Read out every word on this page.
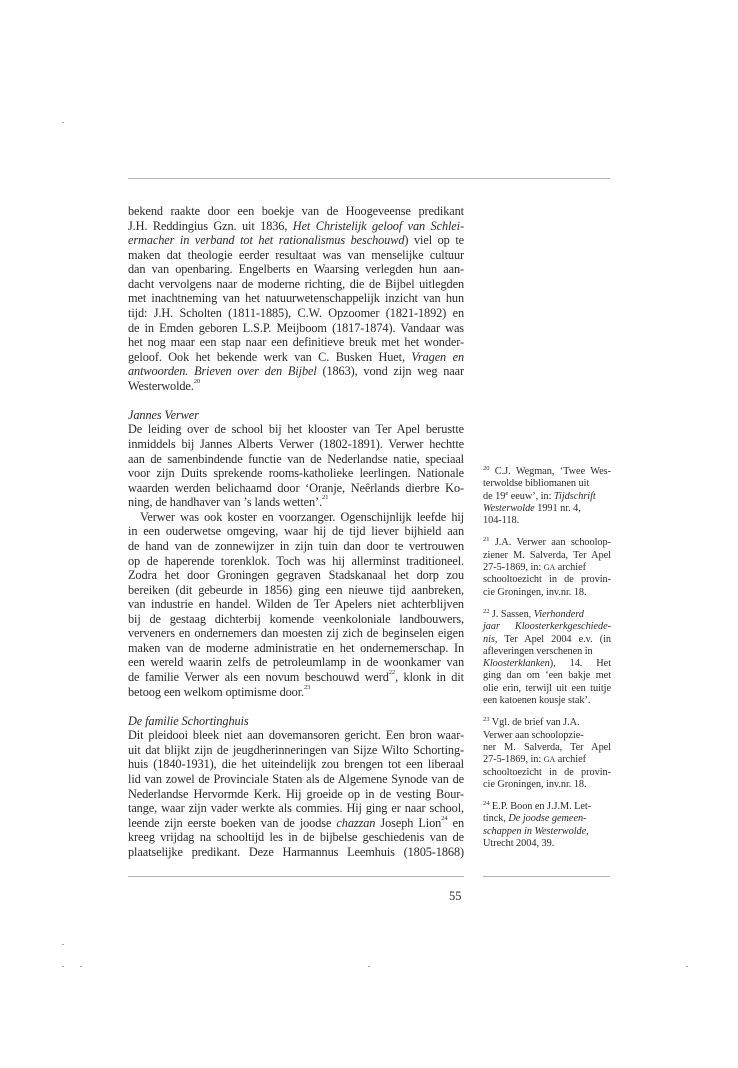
bekend raakte door een boekje van de Hoogeveense predikant
J.H. Reddingius Gzn. uit 1836, Het Christelijk geloof van Schlei-
ermacher in verband tot het rationalismus beschouwd) viel op te
maken dat theologie eerder resultaat was van menselijke cultuur
dan van openbaring. Engelberts en Waarsing verlegden hun aan-
dacht vervolgens naar de moderne richting, die de Bijbel uitlegden
met inachtneming van het natuurwetenschappelijk inzicht van hun
tijd: J.H. Scholten (1811-1885), C.W. Opzoomer (1821-1892) en
de in Emden geboren L.S.P. Meijboom (1817-1874). Vandaar was
het nog maar een stap naar een definitieve breuk met het wonder-
geloof. Ook het bekende werk van C. Busken Huet, Vragen en
antwoorden. Brieven over den Bijbel (1863), vond zijn weg naar
Westerwolde.$^{20}$
Jannes Verwer
De leiding over de school bij het klooster van Ter Apel berustte
inmiddels bij Jannes Alberts Verwer (1802-1891). Verwer hechtte
aan de samenbindende functie van de Nederlandse natie, speciaal
voor zijn Duits sprekende rooms-katholieke leerlingen. Nationale
waarden werden belichaamd door ‘Oranje, Neêrlands dierbre Ko-
ning, de handhaver van ’s lands wetten’.$^{21}$
Verwer was ook koster en voorzanger. Ogenschijnlijk leefde hij
in een ouderwetse omgeving, waar hij de tijd liever bijhield aan
de hand van de zonnewijzer in zijn tuin dan door te vertrouwen
op de haperende torenklok. Toch was hij allerminst traditioneel.
Zodra het door Groningen gegraven Stadskanaal het dorp zou
bereiken (dit gebeurde in 1856) ging een nieuwe tijd aanbreken,
van industrie en handel. Wilden de Ter Apelers niet achterblijven
bij de gestaag dichterbij komende veenkoloniale landbouwers,
verveners en ondernemers dan moesten zij zich de beginselen eigen
maken van de moderne administratie en het ondernemerschap. In
een wereld waarin zelfs de petroleumlamp in de woonkamer van
de familie Verwer als een novum beschouwd werd$^{22}$, klonk in dit
betoog een welkom optimisme door.$^{23}$
De familie Schortinghuis
Dit pleidooi bleek niet aan dovemansoren gericht. Een bron waar-
uit dat blijkt zijn de jeugdherinneringen van Sijze Wilto Schorting-
huis (1840-1931), die het uiteindelijk zou brengen tot een liberaal
lid van zowel de Provinciale Staten als de Algemene Synode van de
Nederlandse Hervormde Kerk. Hij groeide op in de vesting Bour-
tange, waar zijn vader werkte als commies. Hij ging er naar school,
leende zijn eerste boeken van de joodse chazzan Joseph Lion$^{24}$ en
kreeg vrijdag na schooltijd les in de bijbelse geschiedenis van de
plaatselijke predikant. Deze Harmannus Leemhuis (1805-1868)
$^{20}$ C.J. Wegman, ‘Twee Wes-
terwoldse bibliomanen uit
de 19e eeuw’, in: Tijdschrift
Westerwolde 1991 nr. 4,
104-118.
$^{21}$ J.A. Verwer aan schoolop-
ziener M. Salverda, Ter Apel
27-5-1869, in: GA archief
schooltoezicht in de provin-
cie Groningen, inv.nr. 18.
$^{22}$ J. Sassen, Vierhonderd
jaar Kloosterkerkgeschiede-
nis, Ter Apel 2004 e.v. (in
afleveringen verschenen in
Kloosterklanken), 14. Het
ging dan om ‘een bakje met
olie erin, terwijl uit een tuitje
een katoenen kousje stak’.
$^{23}$ Vgl. de brief van J.A.
Verwer aan schoolopzie-
ner M. Salverda, Ter Apel
27-5-1869, in: GA archief
schooltoezicht in de provin-
cie Groningen, inv.nr. 18.
$^{24}$ E.P. Boon en J.J.M. Let-
tinck, De joodse gemeen-
schappen in Westerwolde,
Utrecht 2004, 39.
55
